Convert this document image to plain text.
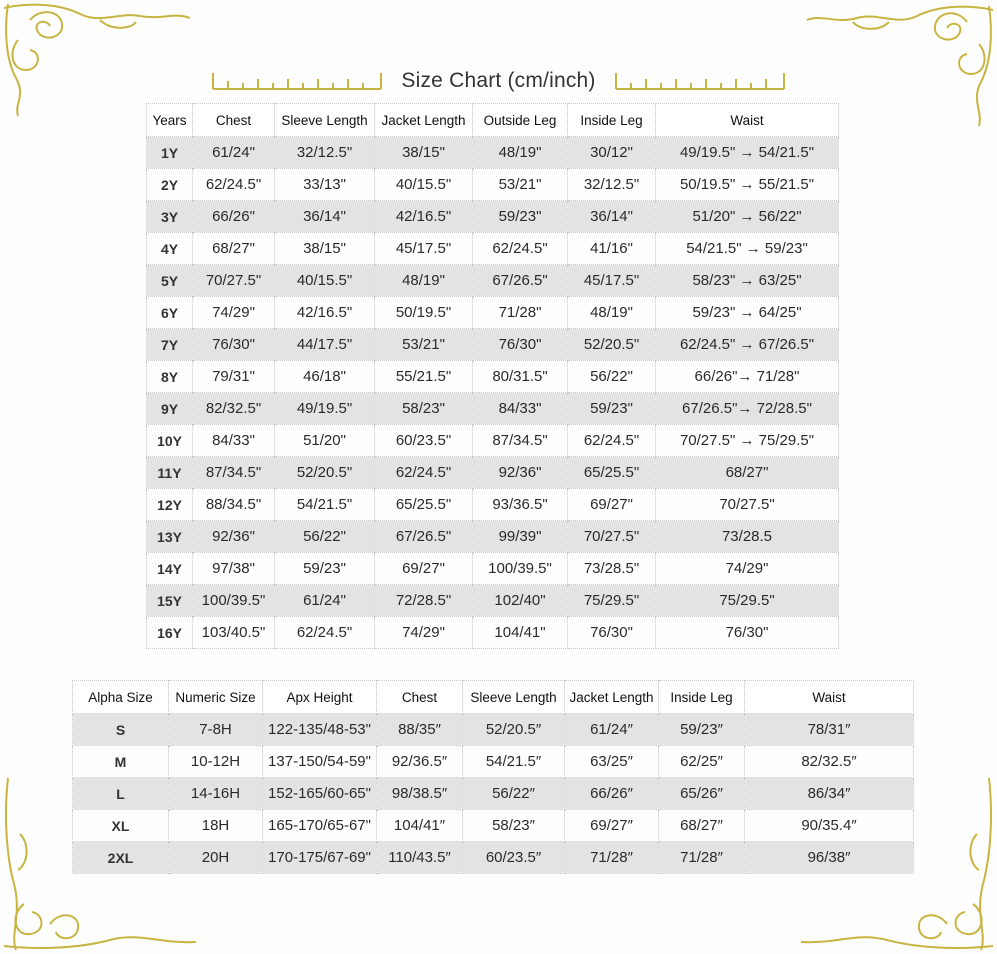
Size Chart (cm/inch)
Years	Chest	Sleeve Length	Jacket Length	Outside Leg	Inside Leg	Waist
1Y	61/24"	32/12.5"	38/15"	48/19"	30/12"	49/19.5" → 54/21.5"
2Y	62/24.5"	33/13"	40/15.5"	53/21"	32/12.5"	50/19.5" → 55/21.5"
3Y	66/26"	36/14"	42/16.5"	59/23"	36/14"	51/20" → 56/22"
4Y	68/27"	38/15"	45/17.5"	62/24.5"	41/16"	54/21.5" → 59/23"
5Y	70/27.5"	40/15.5"	48/19"	67/26.5"	45/17.5"	58/23" → 63/25"
6Y	74/29"	42/16.5"	50/19.5"	71/28"	48/19"	59/23" → 64/25"
7Y	76/30"	44/17.5"	53/21"	76/30"	52/20.5"	62/24.5" → 67/26.5"
8Y	79/31"	46/18"	55/21.5"	80/31.5"	56/22"	66/26"→ 71/28"
9Y	82/32.5"	49/19.5"	58/23"	84/33"	59/23"	67/26.5"→ 72/28.5"
10Y	84/33"	51/20"	60/23.5"	87/34.5"	62/24.5"	70/27.5" → 75/29.5"
11Y	87/34.5"	52/20.5"	62/24.5"	92/36"	65/25.5"	68/27"
12Y	88/34.5"	54/21.5"	65/25.5"	93/36.5"	69/27"	70/27.5"
13Y	92/36"	56/22"	67/26.5"	99/39"	70/27.5"	73/28.5
14Y	97/38"	59/23"	69/27"	100/39.5"	73/28.5"	74/29"
15Y	100/39.5"	61/24"	72/28.5"	102/40"	75/29.5"	75/29.5"
16Y	103/40.5"	62/24.5"	74/29"	104/41"	76/30"	76/30"
Alpha Size	Numeric Size	Apx Height	Chest	Sleeve Length	Jacket Length	Inside Leg	Waist
S	7-8H	122-135/48-53"	88/35″	52/20.5″	61/24″	59/23″	78/31″
M	10-12H	137-150/54-59"	92/36.5″	54/21.5″	63/25″	62/25″	82/32.5″
L	14-16H	152-165/60-65"	98/38.5″	56/22″	66/26″	65/26″	86/34″
XL	18H	165-170/65-67"	104/41″	58/23″	69/27″	68/27″	90/35.4″
2XL	20H	170-175/67-69"	110/43.5″	60/23.5″	71/28″	71/28″	96/38″
